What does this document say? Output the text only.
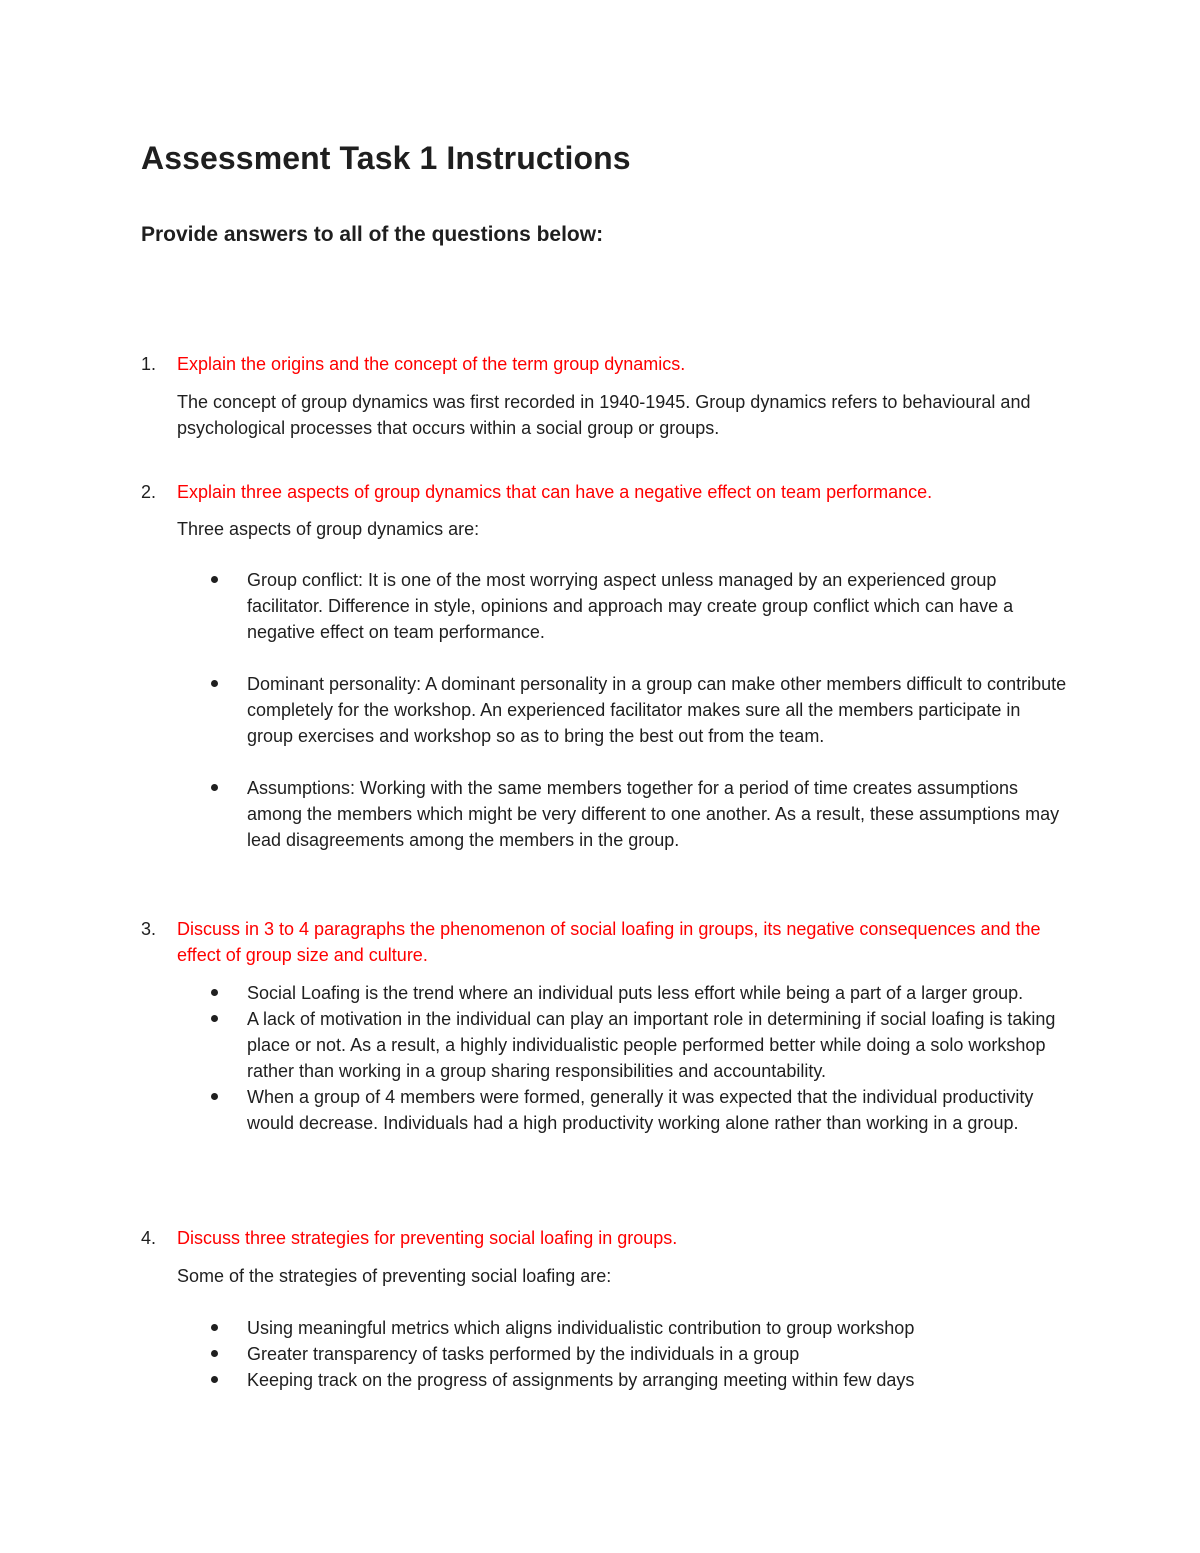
Assessment Task 1 Instructions
Provide answers to all of the questions below:
1. Explain the origins and the concept of the term group dynamics.
The concept of group dynamics was first recorded in 1940-1945. Group dynamics refers to behavioural and psychological processes that occurs within a social group or groups.
2. Explain three aspects of group dynamics that can have a negative effect on team performance.
Three aspects of group dynamics are:
Group conflict: It is one of the most worrying aspect unless managed by an experienced group facilitator. Difference in style, opinions and approach may create group conflict which can have a negative effect on team performance.
Dominant personality: A dominant personality in a group can make other members difficult to contribute completely for the workshop. An experienced facilitator makes sure all the members participate in group exercises and workshop so as to bring the best out from the team.
Assumptions: Working with the same members together for a period of time creates assumptions among the members which might be very different to one another. As a result, these assumptions may lead disagreements among the members in the group.
3. Discuss in 3 to 4 paragraphs the phenomenon of social loafing in groups, its negative consequences and the effect of group size and culture.
Social Loafing is the trend where an individual puts less effort while being a part of a larger group.
A lack of motivation in the individual can play an important role in determining if social loafing is taking place or not. As a result, a highly individualistic people performed better while doing a solo workshop rather than working in a group sharing responsibilities and accountability.
When a group of 4 members were formed, generally it was expected that the individual productivity would decrease. Individuals had a high productivity working alone rather than working in a group.
4. Discuss three strategies for preventing social loafing in groups.
Some of the strategies of preventing social loafing are:
Using meaningful metrics which aligns individualistic contribution to group workshop
Greater transparency of tasks performed by the individuals in a group
Keeping track on the progress of assignments by arranging meeting within few days
